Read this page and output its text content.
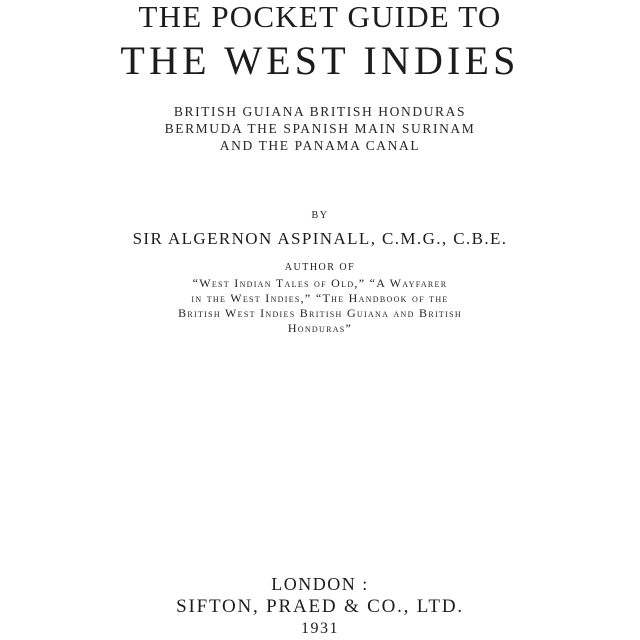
THE POCKET GUIDE TO
THE WEST INDIES
BRITISH GUIANA BRITISH HONDURAS
BERMUDA THE SPANISH MAIN SURINAM
AND THE PANAMA CANAL
BY
SIR ALGERNON ASPINALL, C.M.G., C.B.E.
AUTHOR OF
“West Indian Tales of Old,” “A Wayfarer
in the West Indies,” “The Handbook of the
British West Indies British Guiana and British
Honduras”
LONDON :
SIFTON, PRAED & CO., LTD.
1931
